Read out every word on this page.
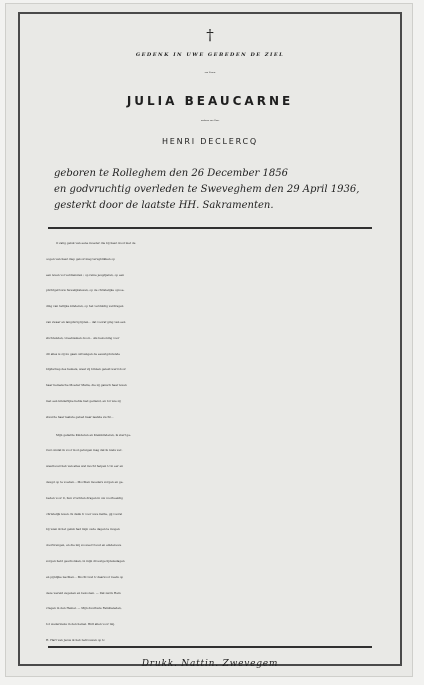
†
GEDENK IN UWE GEBEDEN DE ZIEL
van Vrouw
JULIA BEAUCARNE
weduwe van Heer
HENRI DECLERCQ
geboren te Rolleghem den 26 December 1856
en godvruchtig overleden te Sweveghem den 29 April 1936,
gesterkt door de laatste HH. Sakramenten.
O zalig geluk van eene moeder die bij haar dood met de
oogen van haar diep geloof mag terugblikken op
een leven vol verdiensten ; op reine jeugdjaren, op een
plichtgetrouw huwelijksleven, op de christelijke opvoe-
ding van talrijke kinderen, op het verduldig verdragen
van zwaar en langdurig lijden... dat vooraf ging van een
stichtenden, vreedzamen dood... Als belooning voor
dit alles is zij nu gaan ontvangen de eeuwigdurende
blijdschap des hemels, waar zij binnen geleid werd door
haar hemelsche Moeder Maria, die zij gansch haar leven
met een kinderlijke liefde had gediend, en tot wie zij
stuurde haar laatste gebed haar laatste zucht...
Mijn geliefde Kinderen en Kleinkinderen, ik sterf ge-
rust omdat ik voor God getuigen mag dat ik niets ver-
waarloosd heb van alles wat mocht helpen U in eer en
deugd op te voeden... Mochten moeders zorgen en ge-
beden voor U, hun vruchten dragen in uw voorbeeldig
christelijk leven. Ik dank U voor uwe liefde, gij vooral
bij wien ik het geluk had mijn oude dagen te mogen
doorbrengen, en die mij zooveel troost en eindelooze
zorgen hebt geschonken, in mijn droevige lijdensdagen
en pijnlijke nachten... Mocht God U daarvoor reeds op
deze wereld zegenen en beloonen. — Dat zal ik Hem
vragen in den Hemel. — Mijn duurbare Familieleden,
tot wederziens in den hemel. Bidt allen voor mij.
H. Hart van Jezus ik heb betrouwen op U.
Drukk. Nattin. Zwevegem
